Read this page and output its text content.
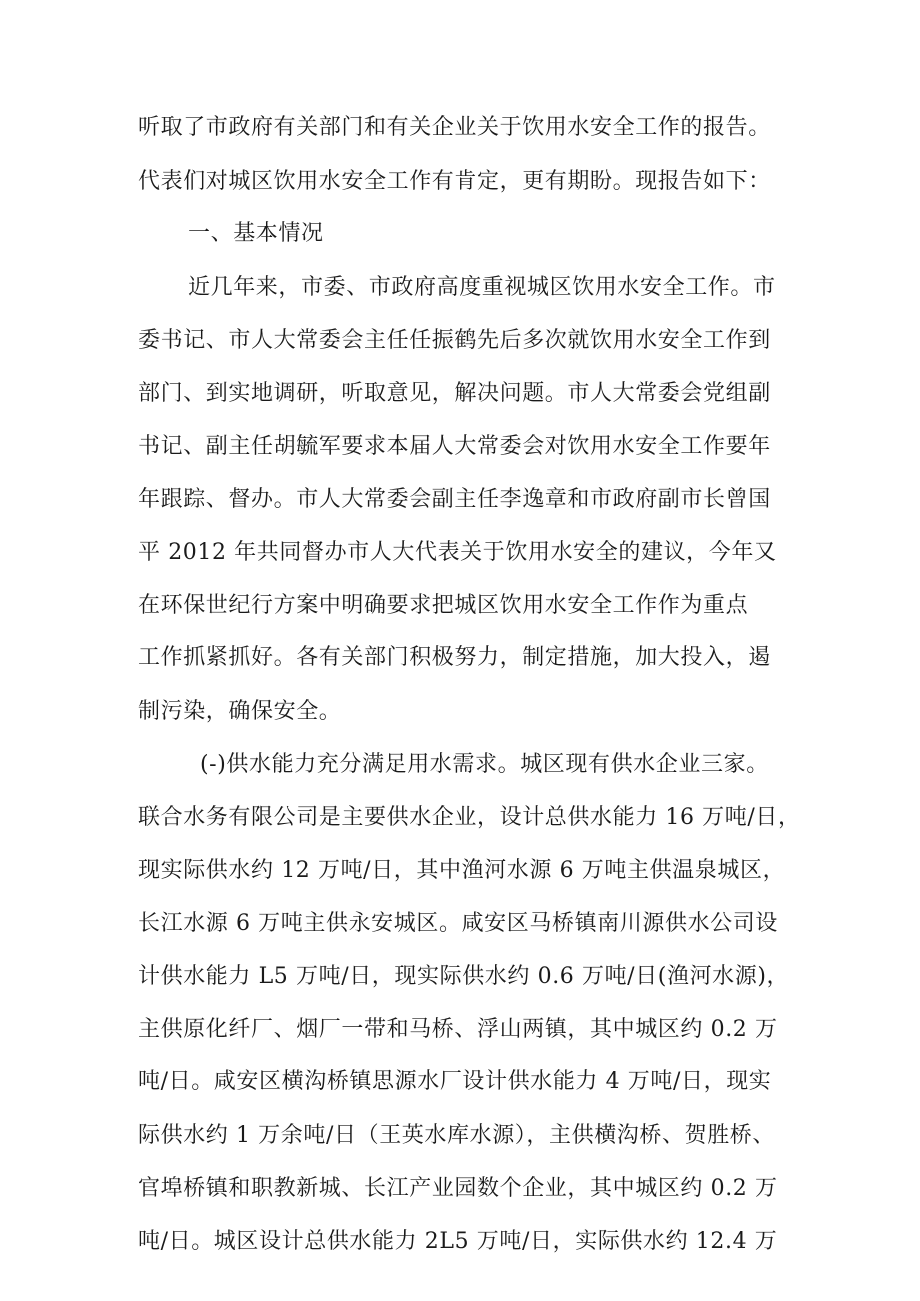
听取了市政府有关部门和有关企业关于饮用水安全工作的报告。
代表们对城区饮用水安全工作有肯定，更有期盼。现报告如下：
一、基本情况
近几年来，市委、市政府高度重视城区饮用水安全工作。市
委书记、市人大常委会主任任振鹤先后多次就饮用水安全工作到
部门、到实地调研，听取意见，解决问题。市人大常委会党组副
书记、副主任胡毓军要求本届人大常委会对饮用水安全工作要年
年跟踪、督办。市人大常委会副主任李逸章和市政府副市长曾国
平 2012 年共同督办市人大代表关于饮用水安全的建议，今年又
在环保世纪行方案中明确要求把城区饮用水安全工作作为重点
工作抓紧抓好。各有关部门积极努力，制定措施，加大投入，遏
制污染，确保安全。
(-)供水能力充分满足用水需求。城区现有供水企业三家。
联合水务有限公司是主要供水企业，设计总供水能力 16 万吨/日，
现实际供水约 12 万吨/日，其中渔河水源 6 万吨主供温泉城区，
长江水源 6 万吨主供永安城区。咸安区马桥镇南川源供水公司设
计供水能力 L5 万吨/日，现实际供水约 0.6 万吨/日(渔河水源)，
主供原化纤厂、烟厂一带和马桥、浮山两镇，其中城区约 0.2 万
吨/日。咸安区横沟桥镇思源水厂设计供水能力 4 万吨/日，现实
际供水约 1 万余吨/日（王英水库水源），主供横沟桥、贺胜桥、
官埠桥镇和职教新城、长江产业园数个企业，其中城区约 0.2 万
吨/日。城区设计总供水能力 2L5 万吨/日，实际供水约 12.4 万
